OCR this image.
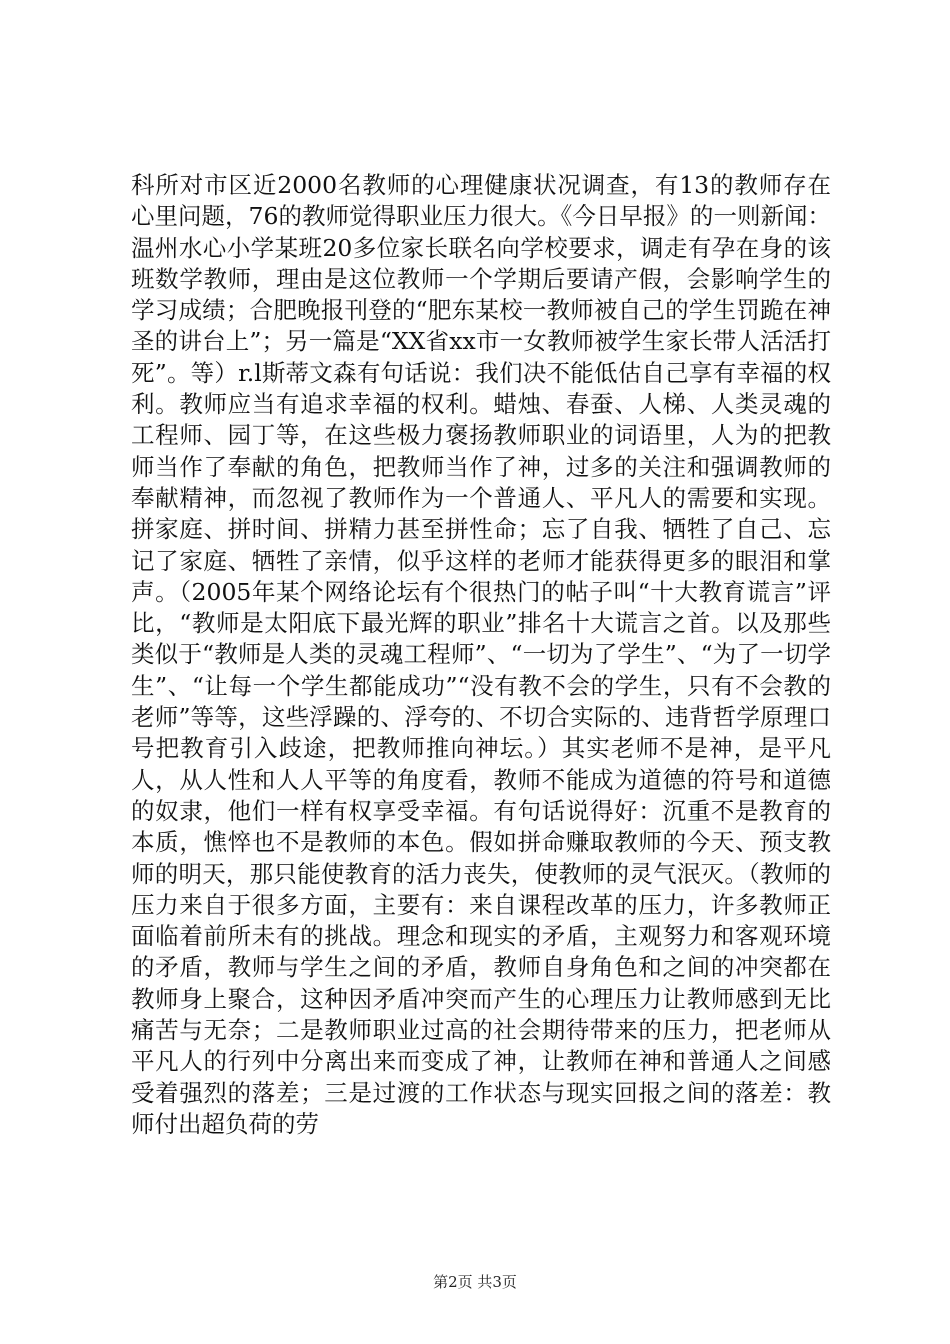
科所对市区近2000名教师的心理健康状况调查，有13的教师存在心里问题，76的教师觉得职业压力很大。《今日早报》的一则新闻：温州水心小学某班20多位家长联名向学校要求，调走有孕在身的该班数学教师，理由是这位教师一个学期后要请产假，会影响学生的学习成绩；合肥晚报刊登的“肥东某校一教师被自己的学生罚跪在神圣的讲台上”；另一篇是“XX省xx市一女教师被学生家长带人活活打死”。等）r.l斯蒂文森有句话说：我们决不能低估自己享有幸福的权利。教师应当有追求幸福的权利。蜡烛、春蚕、人梯、人类灵魂的工程师、园丁等，在这些极力褒扬教师职业的词语里，人为的把教师当作了奉献的角色，把教师当作了神，过多的关注和强调教师的奉献精神，而忽视了教师作为一个普通人、平凡人的需要和实现。拼家庭、拼时间、拼精力甚至拼性命；忘了自我、牺牲了自己、忘记了家庭、牺牲了亲情，似乎这样的老师才能获得更多的眼泪和掌声。（2005年某个网络论坛有个很热门的帖子叫“十大教育谎言”评比，“教师是太阳底下最光辉的职业”排名十大谎言之首。以及那些类似于“教师是人类的灵魂工程师”、“一切为了学生”、“为了一切学生”、“让每一个学生都能成功”“没有教不会的学生，只有不会教的老师”等等，这些浮躁的、浮夸的、不切合实际的、违背哲学原理口号把教育引入歧途，把教师推向神坛。）其实老师不是神，是平凡人，从人性和人人平等的角度看，教师不能成为道德的符号和道德的奴隶，他们一样有权享受幸福。有句话说得好：沉重不是教育的本质，憔悴也不是教师的本色。假如拼命赚取教师的今天、预支教师的明天，那只能使教育的活力丧失，使教师的灵气泯灭。（教师的压力来自于很多方面，主要有：来自课程改革的压力，许多教师正面临着前所未有的挑战。理念和现实的矛盾，主观努力和客观环境的矛盾，教师与学生之间的矛盾，教师自身角色和之间的冲突都在教师身上聚合，这种因矛盾冲突而产生的心理压力让教师感到无比痛苦与无奈；二是教师职业过高的社会期待带来的压力，把老师从平凡人的行列中分离出来而变成了神，让教师在神和普通人之间感受着强烈的落差；三是过渡的工作状态与现实回报之间的落差：教师付出超负荷的劳

第2页 共3页
